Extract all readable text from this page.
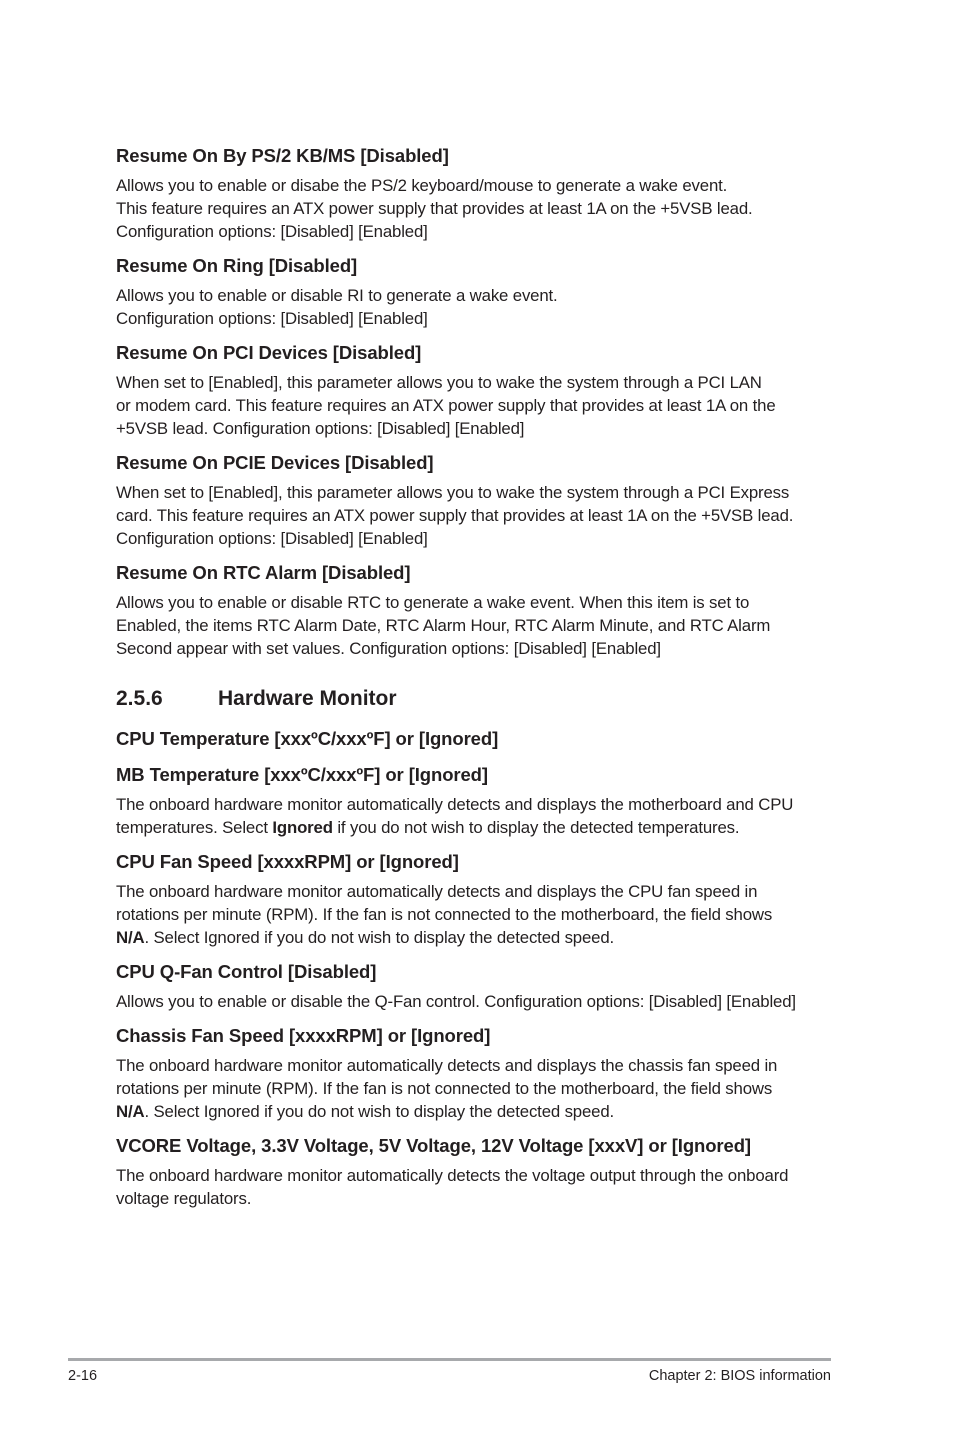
Resume On By PS/2 KB/MS [Disabled]
Allows you to enable or disabe the PS/2 keyboard/mouse to generate a wake event.
This feature requires an ATX power supply that provides at least 1A on the +5VSB lead.
Configuration options: [Disabled] [Enabled]
Resume On Ring [Disabled]
Allows you to enable or disable RI to generate a wake event.
Configuration options: [Disabled] [Enabled]
Resume On PCI Devices [Disabled]
When set to [Enabled], this parameter allows you to wake the system through a PCI LAN
or modem card. This feature requires an ATX power supply that provides at least 1A on the
+5VSB lead. Configuration options: [Disabled] [Enabled]
Resume On PCIE Devices [Disabled]
When set to [Enabled], this parameter allows you to wake the system through a PCI Express
card. This feature requires an ATX power supply that provides at least 1A on the +5VSB lead.
Configuration options: [Disabled] [Enabled]
Resume On RTC Alarm [Disabled]
Allows you to enable or disable RTC to generate a wake event. When this item is set to
Enabled, the items RTC Alarm Date, RTC Alarm Hour, RTC Alarm Minute, and RTC Alarm
Second appear with set values. Configuration options: [Disabled] [Enabled]
2.5.6	Hardware Monitor
CPU Temperature [xxxºC/xxxºF] or [Ignored]
MB Temperature [xxxºC/xxxºF] or [Ignored]
The onboard hardware monitor automatically detects and displays the motherboard and CPU
temperatures. Select Ignored if you do not wish to display the detected temperatures.
CPU Fan Speed [xxxxRPM] or [Ignored]
The onboard hardware monitor automatically detects and displays the CPU fan speed in
rotations per minute (RPM). If the fan is not connected to the motherboard, the field shows
N/A. Select Ignored if you do not wish to display the detected speed.
CPU Q-Fan Control [Disabled]
Allows you to enable or disable the Q-Fan control. Configuration options: [Disabled] [Enabled]
Chassis Fan Speed [xxxxRPM] or [Ignored]
The onboard hardware monitor automatically detects and displays the chassis fan speed in
rotations per minute (RPM). If the fan is not connected to the motherboard, the field shows
N/A. Select Ignored if you do not wish to display the detected speed.
VCORE Voltage, 3.3V Voltage, 5V Voltage, 12V Voltage [xxxV] or [Ignored]
The onboard hardware monitor automatically detects the voltage output through the onboard
voltage regulators.
2-16	Chapter 2: BIOS information
